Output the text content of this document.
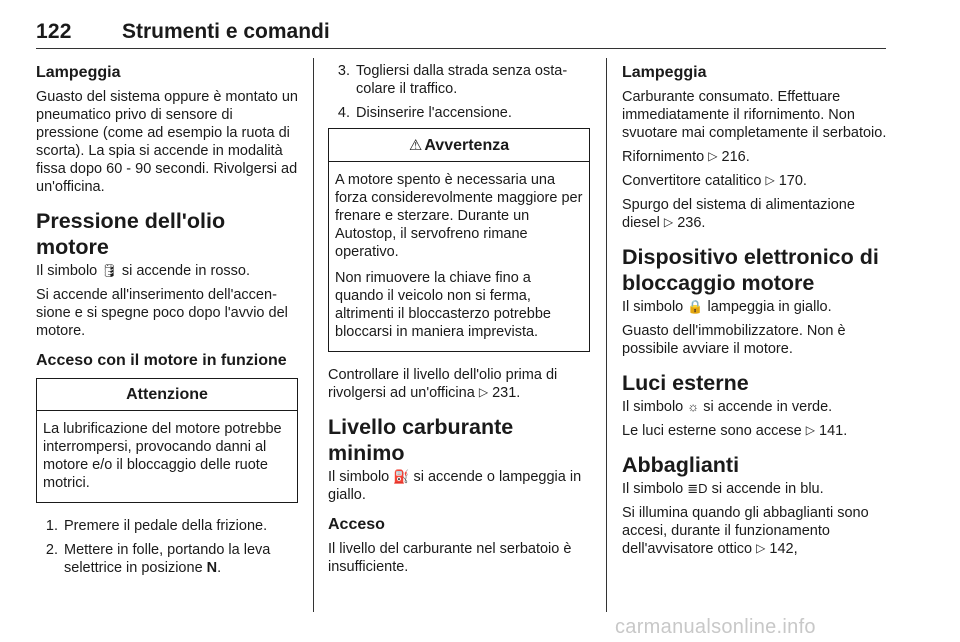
122 Strumenti e comandi
Lampeggia

Guasto del sistema oppure è montato un pneumatico privo di sensore di pressione (come ad esempio la ruota di scorta). La spia si accende in modalità fissa dopo 60 - 90 secondi. Rivolgersi ad un'officina.

Pressione dell'olio motore

Il simbolo 🛢 si accende in rosso.

Si accende all'inserimento dell'accensione e si spegne poco dopo l'avvio del motore.

Acceso con il motore in funzione
Attenzione

La lubrificazione del motore potrebbe interrompersi, provocando danni al motore e/o il bloccaggio delle ruote motrici.

1. Premere il pedale della frizione.
2. Mettere in folle, portando la leva selettrice in posizione N.
3. Togliersi dalla strada senza ostacolare il traffico.
4. Disinserire l'accensione.
⚠ Avvertenza

A motore spento è necessaria una forza considerevolmente maggiore per frenare e sterzare. Durante un Autostop, il servofreno rimane operativo.

Non rimuovere la chiave fino a quando il veicolo non si ferma, altrimenti il bloccasterzo potrebbe bloccarsi in maniera imprevista.

Controllare il livello dell'olio prima di rivolgersi ad un'officina ▷ 231.

Livello carburante minimo

Il simbolo ⛽ si accende o lampeggia in giallo.

Acceso

Il livello del carburante nel serbatoio è insufficiente.

Lampeggia

Carburante consumato. Effettuare immediatamente il rifornimento. Non svuotare mai completamente il serbatoio.

Rifornimento ▷ 216.

Convertitore catalitico ▷ 170.

Spurgo del sistema di alimentazione diesel ▷ 236.

Dispositivo elettronico di bloccaggio motore

Il simbolo 🔒 lampeggia in giallo.

Guasto dell'immobilizzatore. Non è possibile avviare il motore.

Luci esterne

Il simbolo ☼ si accende in verde.

Le luci esterne sono accese ▷ 141.

Abbaglianti

Il simbolo ≣D si accende in blu.

Si illumina quando gli abbaglianti sono accesi, durante il funzionamento dell'avvisatore ottico ▷ 142,

carmanualsonline.info
